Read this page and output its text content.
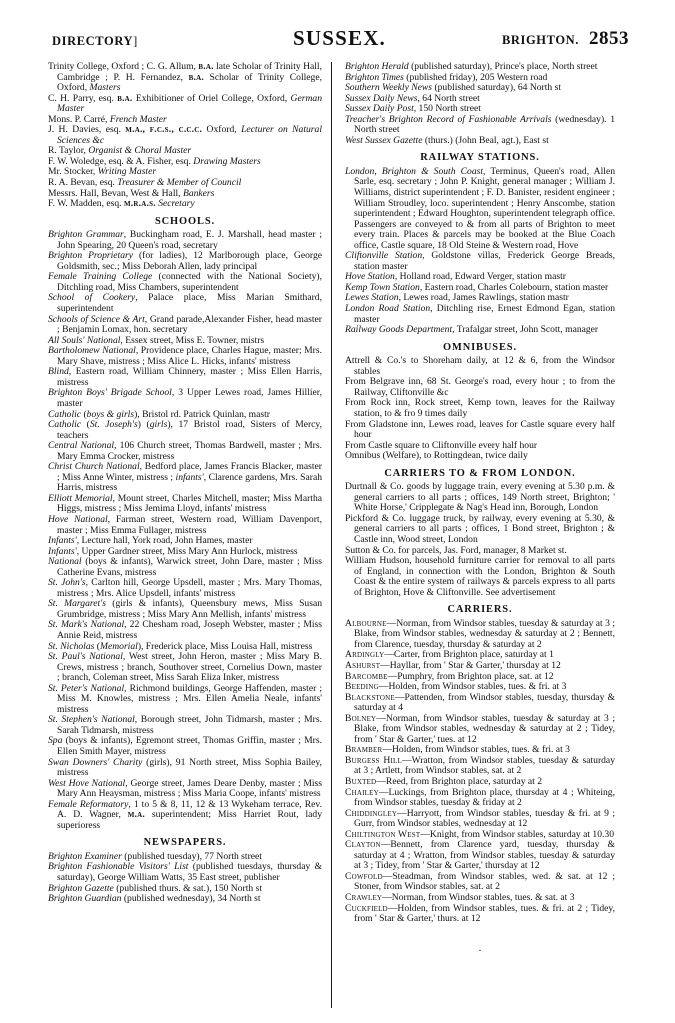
DIRECTORY]	SUSSEX.	BRIGHTON. 2853

Trinity College, Oxford ; C. G. Allum, b.a. late Scholar of Trinity Hall, Cambridge ; P. H. Fernandez, b.a. Scholar of Trinity College, Oxford, Masters

C. H. Parry, esq. b.a. Exhibitioner of Oriel College, Oxford, German Master

Mons. P. Carré, French Master

J. H. Davies, esq. m.a., f.c.s., c.c.c. Oxford, Lecturer on Natural Sciences &c

R. Taylor, Organist & Choral Master

F. W. Woledge, esq. & A. Fisher, esq. Drawing Masters

Mr. Stocker, Writing Master

R. A. Bevan, esq. Treasurer & Member of Council

Messrs. Hall, Bevan, West & Hall, Bankers

F. W. Madden, esq. m.r.a.s. Secretary

SCHOOLS.

Brighton Grammar, Buckingham road, E. J. Marshall, head master ; John Spearing, 20 Queen's road, secretary

Brighton Proprietary (for ladies), 12 Marlborough place, George Goldsmith, sec.; Miss Deborah Allen, lady principal

Female Training College (connected with the National Society), Ditchling road, Miss Chambers, superintendent

School of Cookery, Palace place, Miss Marian Smithard, superintendent

Schools of Science & Art, Grand parade,Alexander Fisher, head master ; Benjamin Lomax, hon. secretary

All Souls' National, Essex street, Miss E. Towner, mistrs

Bartholomew National, Providence place, Charles Hague, master; Mrs. Mary Shave, mistress ; Miss Alice L. Hicks, infants' mistress

Blind, Eastern road, William Chinnery, master ; Miss Ellen Harris, mistress

Brighton Boys' Brigade School, 3 Upper Lewes road, James Hillier, master

Catholic (boys & girls), Bristol rd. Patrick Quinlan, mastr

Catholic (St. Joseph's) (girls), 17 Bristol road, Sisters of Mercy, teachers

Central National, 106 Church street, Thomas Bardwell, master ; Mrs. Mary Emma Crocker, mistress

Christ Church National, Bedford place, James Francis Blacker, master ; Miss Anne Winter, mistress ; infants', Clarence gardens, Mrs. Sarah Harris, mistress

Elliott Memorial, Mount street, Charles Mitchell, master; Miss Martha Higgs, mistress ; Miss Jemima Lloyd, infants' mistress

Hove National, Farman street, Western road, William Davenport, master ; Miss Emma Fullager, mistress

Infants', Lecture hall, York road, John Hames, master

Infants', Upper Gardner street, Miss Mary Ann Hurlock, mistress

National (boys & infants), Warwick street, John Dare, master ; Miss Catherine Evans, mistress

St. John's, Carlton hill, George Upsdell, master ; Mrs. Mary Thomas, mistress ; Mrs. Alice Upsdell, infants' mistress

St. Margaret's (girls & infants), Queensbury mews, Miss Susan Grumbridge, mistress ; Miss Mary Ann Mellish, infants' mistress

St. Mark's National, 22 Chesham road, Joseph Webster, master ; Miss Annie Reid, mistress

St. Nicholas (Memorial), Frederick place, Miss Louisa Hall, mistress

St. Paul's National, West street, John Heron, master ; Miss Mary B. Crews, mistress ; branch, Southover street, Cornelius Down, master ; branch, Coleman street, Miss Sarah Eliza Inker, mistress

St. Peter's National, Richmond buildings, George Haffenden, master ; Miss M. Knowles, mistress ; Mrs. Ellen Amelia Neale, infants' mistress

St. Stephen's National, Borough street, John Tidmarsh, master ; Mrs. Sarah Tidmarsh, mistress

Spa (boys & infants), Egremont street, Thomas Griffin, master ; Mrs. Ellen Smith Mayer, mistress

Swan Downers' Charity (girls), 91 North street, Miss Sophia Bailey, mistress

West Hove National, George street, James Deare Denby, master ; Miss Mary Ann Heaysman, mistress ; Miss Maria Coope, infants' mistress

Female Reformatory, 1 to 5 & 8, 11, 12 & 13 Wykeham terrace, Rev. A. D. Wagner, m.a. superintendent; Miss Harriet Rout, lady superioress

NEWSPAPERS.

Brighton Examiner (published tuesday), 77 North street

Brighton Fashionable Visitors' List (published tuesdays, thursday & saturday), George William Watts, 35 East street, publisher

Brighton Gazette (published thurs. & sat.), 150 North st

Brighton Guardian (published wednesday), 34 North st

Brighton Herald (published saturday), Prince's place, North street

Brighton Times (published friday), 205 Western road

Southern Weekly News (published saturday), 64 North st

Sussex Daily News, 64 North street

Sussex Daily Post, 150 North street

Treacher's Brighton Record of Fashionable Arrivals (wednesday). 1 North street

West Sussex Gazette (thurs.) (John Beal, agt.), East st

RAILWAY STATIONS.

London, Brighton & South Coast, Terminus, Queen's road, Allen Sarle, esq. secretary ; John P. Knight, general manager ; William J. Williams, district superintendent ; F. D. Banister, resident engineer ; William Stroudley, loco. superintendent ; Henry Anscombe, station superintendent ; Edward Houghton, superintendent telegraph office. Passengers are conveyed to & from all parts of Brighton to meet every train. Places & parcels may be booked at the Blue Coach office, Castle square, 18 Old Steine & Western road, Hove

Cliftonville Station, Goldstone villas, Frederick George Breads, station master

Hove Station, Holland road, Edward Verger, station mastr

Kemp Town Station, Eastern road, Charles Colebourn, station master

Lewes Station, Lewes road, James Rawlings, station mastr

London Road Station, Ditchling rise, Ernest Edmond Egan, station master

Railway Goods Department, Trafalgar street, John Scott, manager

OMNIBUSES.

Attrell & Co.'s to Shoreham daily, at 12 & 6, from the Windsor stables

From Belgrave inn, 68 St. George's road, every hour ; to from the Railway, Cliftonville &c

From Rock inn, Rock street, Kemp town, leaves for the Railway station, to & fro 9 times daily

From Gladstone inn, Lewes road, leaves for Castle square every half hour

From Castle square to Cliftonville every half hour

Omnibus (Welfare), to Rottingdean, twice daily

CARRIERS TO & FROM LONDON.

Durtnall & Co. goods by luggage train, every evening at 5.30 p.m. & general carriers to all parts ; offices, 149 North street, Brighton; ' White Horse,' Cripplegate & Nag's Head inn, Borough, London

Pickford & Co. luggage truck, by railway, every evening at 5.30, & general carriers to all parts ; offices, 1 Bond street, Brighton ; & Castle inn, Wood street, London

Sutton & Co. for parcels, Jas. Ford, manager, 8 Market st.

William Hudson, household furniture carrier for removal to all parts of England, in connection with the London, Brighton & South Coast & the entire system of railways & parcels express to all parts of Brighton, Hove & Cliftonville. See advertisement

CARRIERS.

Albourne—Norman, from Windsor stables, tuesday & saturday at 3 ; Blake, from Windsor stables, wednesday & saturday at 2 ; Bennett, from Clarence, tuesday, thursday & saturday at 2

Ardingly—Carter, from Brighton place, saturday at 1

Ashurst—Hayllar, from ' Star & Garter,' thursday at 12

Barcombe—Pumphry, from Brighton place, sat. at 12

Beeding—Holden, from Windsor stables, tues. & fri. at 3

Blackstone—Pattenden, from Windsor stables, tuesday, thursday & saturday at 4

Bolney—Norman, from Windsor stables, tuesday & saturday at 3 ; Blake, from Windsor stables, wednesday & saturday at 2 ; Tidey, from ' Star & Garter,' tues. at 12

Bramber—Holden, from Windsor stables, tues. & fri. at 3

Burgess Hill—Wratton, from Windsor stables, tuesday & saturday at 3 ; Artlett, from Windsor stables, sat. at 2

Buxted—Reed, from Brighton place, saturday at 2

Chailey—Luckings, from Brighton place, thursday at 4 ; Whiteing, from Windsor stables, tuesday & friday at 2

Chiddingley—Harryott, from Windsor stables, tuesday & fri. at 9 ; Gurr, from Windsor stables, wednesday at 12

Chiltington West—Knight, from Windsor stables, saturday at 10.30

Clayton—Bennett, from Clarence yard, tuesday, thursday & saturday at 4 ; Wratton, from Windsor stables, tuesday & saturday at 3 ; Tidey, from ' Star & Garter,' thursday at 12

Cowfold—Steadman, from Windsor stables, wed. & sat. at 12 ; Stoner, from Windsor stables, sat. at 2

Crawley—Norman, from Windsor stables, tues. & sat. at 3

Cuckfield—Holden, from Windsor stables, tues. & fri. at 2 ; Tidey, from ' Star & Garter,' thurs. at 12

.
